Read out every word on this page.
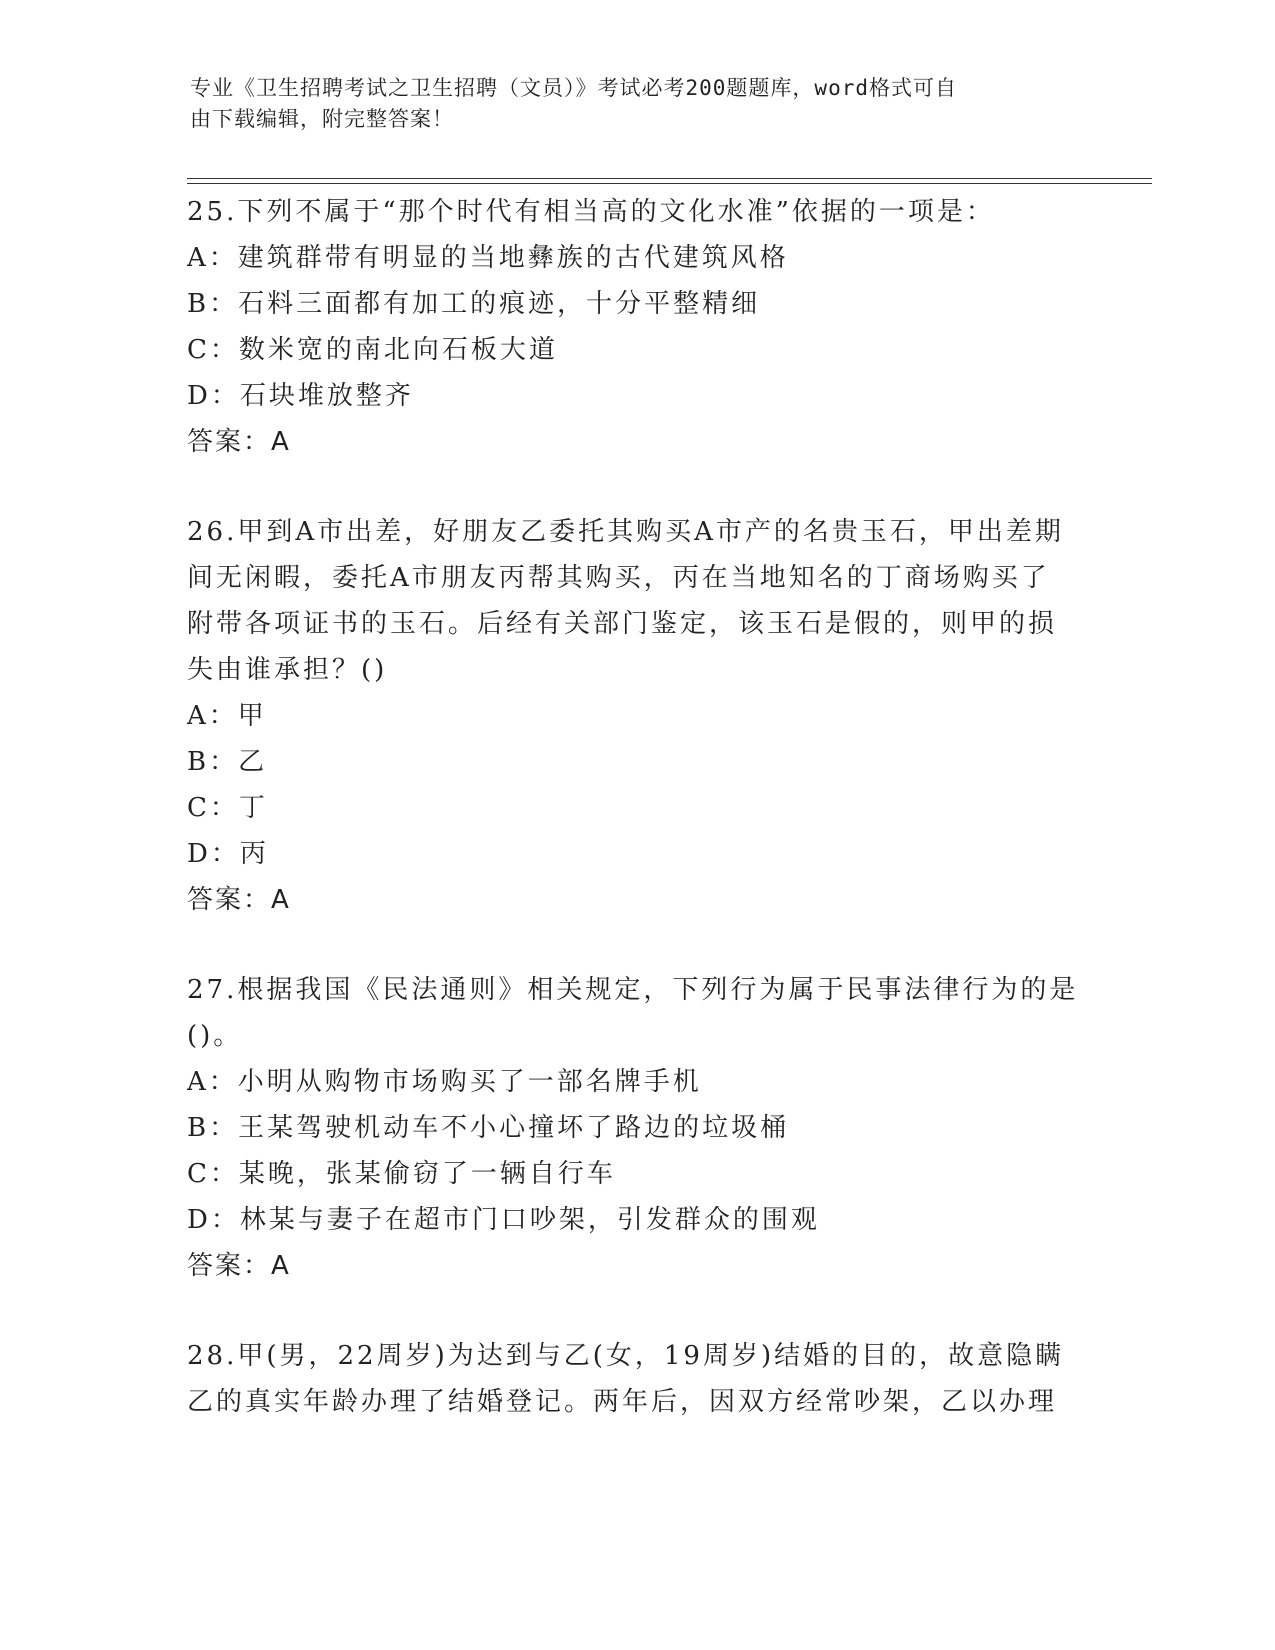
专业《卫生招聘考试之卫生招聘（文员）》考试必考200题题库，word格式可自
由下载编辑，附完整答案！
25.下列不属于“那个时代有相当高的文化水准”依据的一项是：
A：建筑群带有明显的当地彝族的古代建筑风格
B：石料三面都有加工的痕迹，十分平整精细
C：数米宽的南北向石板大道
D：石块堆放整齐
答案：A
26.甲到A市出差，好朋友乙委托其购买A市产的名贵玉石，甲出差期
间无闲暇，委托A市朋友丙帮其购买，丙在当地知名的丁商场购买了
附带各项证书的玉石。后经有关部门鉴定，该玉石是假的，则甲的损
失由谁承担？()
A：甲
B：乙
C：丁
D：丙
答案：A
27.根据我国《民法通则》相关规定，下列行为属于民事法律行为的是
()。
A：小明从购物市场购买了一部名牌手机
B：王某驾驶机动车不小心撞坏了路边的垃圾桶
C：某晚，张某偷窃了一辆自行车
D：林某与妻子在超市门口吵架，引发群众的围观
答案：A
28.甲(男，22周岁)为达到与乙(女，19周岁)结婚的目的，故意隐瞒
乙的真实年龄办理了结婚登记。两年后，因双方经常吵架，乙以办理
